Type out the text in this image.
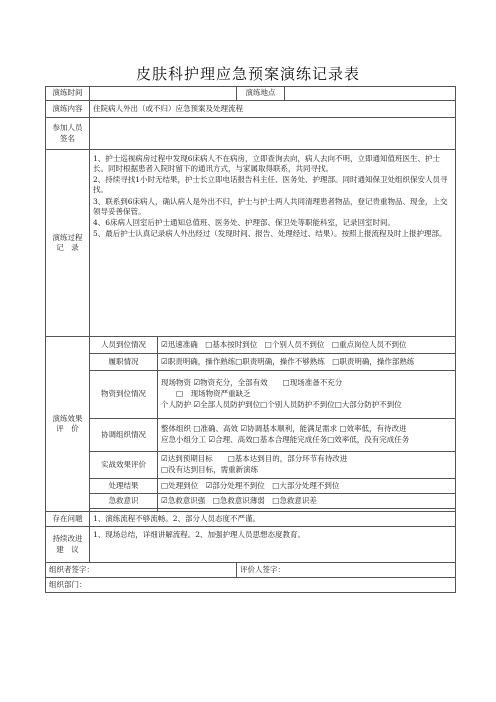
皮肤科护理应急预案演练记录表
演练时间			演练地点	
演练内容	住院病人外出（或不归）应急预案及处理流程			

参加人员
签名				

演练过程
记　录	1、护士巡视病房过程中发现6床病人不在病房，立即查询去向，病人去向不明，立即通知值班医生、护士长。同时根据患者入院时留下的通讯方式，与家属取得联系，共同寻找。
2、持续寻找1小时无结果，护士长立即电话报告科主任、医务处、护理部。同时通知保卫处组织保安人员寻找。
3、联系到6床病人，确认病人是外出不归，护士与护士两人共同清理患者物品，登记贵重物品、现金，上交领导妥善保管。
4、6床病人回室后护士通知总值班、医务处、护理部、保卫处等职能科室，记录回室时间。
5、最后护士认真记录病人外出经过（发现时间、报告、处理经过、结果）。按照上报流程及时上报护理部。			

演练效果
评　价	人员到位情况	☑迅速准确　□基本按时到位　□个别人员不到位　□重点岗位人员不到位		
	履职情况	☑职责明确，操作熟练□职责明确，操作不够熟练　□职责明确，操作部熟练		
	物资到位情况	现场物资 ☑物资充分，全部有效　　□现场准备不充分
　　□　现场物资严重缺乏
个人防护 ☑全部人员防护到位□个别人员防护不到位□大部分防护不到位		

	协调组织情况	整体组织 □准确、高效 ☑协调基本顺利，能满足需求 □效率低，有待改进
应急小组分工 ☑合理、高效□基本合理能完成任务□效率低，没有完成任务		

	实战效果评价	☑达到预期目标　　□基本达到目的，部分环节有待改进
□没有达到目标，需重新演练		

	处理结果	□处理到位　☑部分处理不到位　□大部分处理不到位		
	急救意识	☑急救意识强　□急救意识薄弱　□急救意识差		

存在问题	1、演练流程不够流畅。2、部分人员态度不严谨。			

持续改进
建　议	1、现场总结，详细讲解流程。2、加强护理人员思想态度教育。			
组织者签字：			评价人签字：	
组织部门：				
